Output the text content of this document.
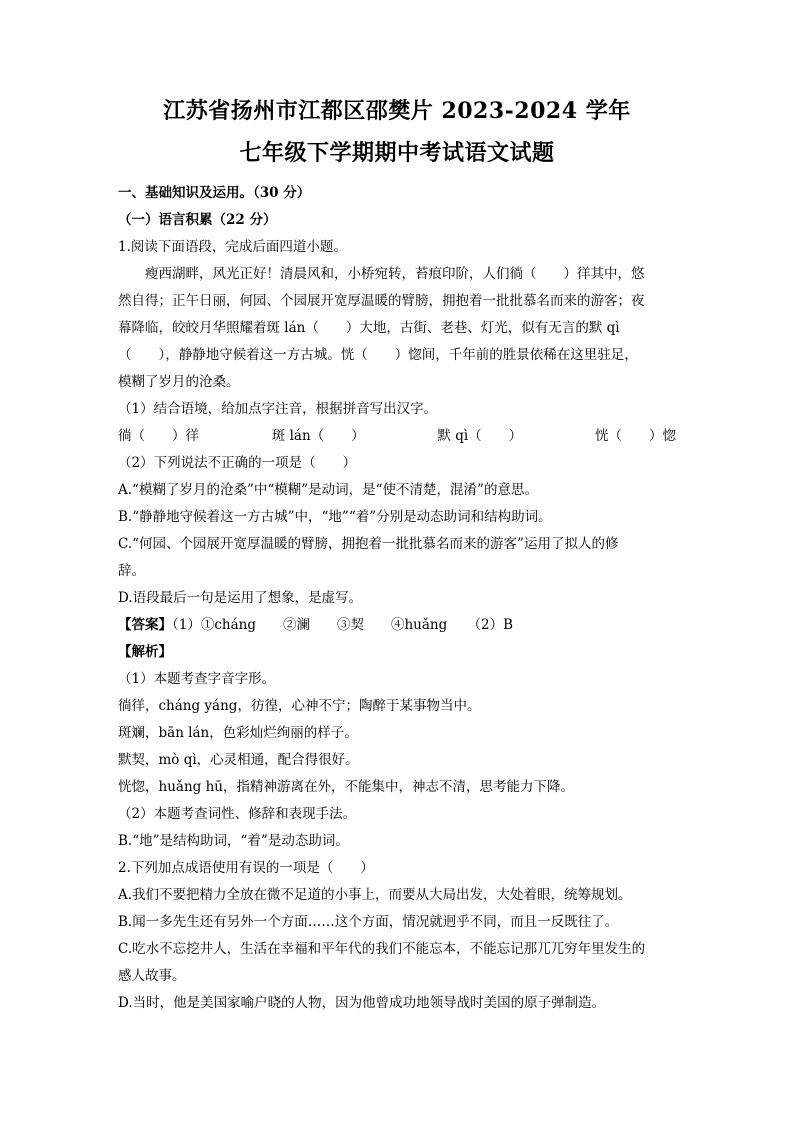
江苏省扬州市江都区邵樊片 2023-2024 学年
七年级下学期期中考试语文试题
一、基础知识及运用。（30 分）
（一）语言积累（22 分）
1.阅读下面语段，完成后面四道小题。
瘦西湖畔，风光正好！清晨风和，小桥宛转，苔痕印阶，人们徜（　　）徉其中，悠
然自得；正午日丽，何园、个园展开宽厚温暖的臂膀，拥抱着一批批慕名而来的游客；夜
幕降临，皎皎月华照耀着斑 lán（　　）大地，古街、老巷、灯光，似有无言的默 qì
（　　），静静地守候着这一方古城。恍（　　）惚间，千年前的胜景依稀在这里驻足，
模糊了岁月的沧桑。
（1）结合语境，给加点字注音，根据拼音写出汉字。
徜（　　）徉	斑 lán（　　）	默 qì（　　）	恍（　　）惚
（2）下列说法不正确的一项是（　　）
A.“模糊了岁月的沧桑”中“模糊”是动词，是“使不清楚，混淆”的意思。
B.“静静地守候着这一方古城”中，“地”“着”分别是动态助词和结构助词。
C.“何园、个园展开宽厚温暖的臂膀，拥抱着一批批慕名而来的游客”运用了拟人的修
辞。
D.语段最后一句是运用了想象，是虚写。
【答案】（1）①cháng　　②澜　　③契　　④huǎng　　（2）B
【解析】
（1）本题考查字音字形。
徜徉，cháng yáng，彷徨，心神不宁；陶醉于某事物当中。
斑斓，bān lán，色彩灿烂绚丽的样子。
默契，mò qì，心灵相通，配合得很好。
恍惚，huǎng hū，指精神游离在外，不能集中，神志不清，思考能力下降。
（2）本题考查词性、修辞和表现手法。
B.“地”是结构助词，“着”是动态助词。
2.下列加点成语使用有误的一项是（　　）
A.我们不要把精力全放在微不足道的小事上，而要从大局出发，大处着眼，统筹规划。
B.闻一多先生还有另外一个方面……这个方面，情况就迥乎不同，而且一反既往了。
C.吃水不忘挖井人，生活在幸福和平年代的我们不能忘本，不能忘记那兀兀穷年里发生的
感人故事。
D.当时，他是美国家喻户晓的人物，因为他曾成功地领导战时美国的原子弹制造。
